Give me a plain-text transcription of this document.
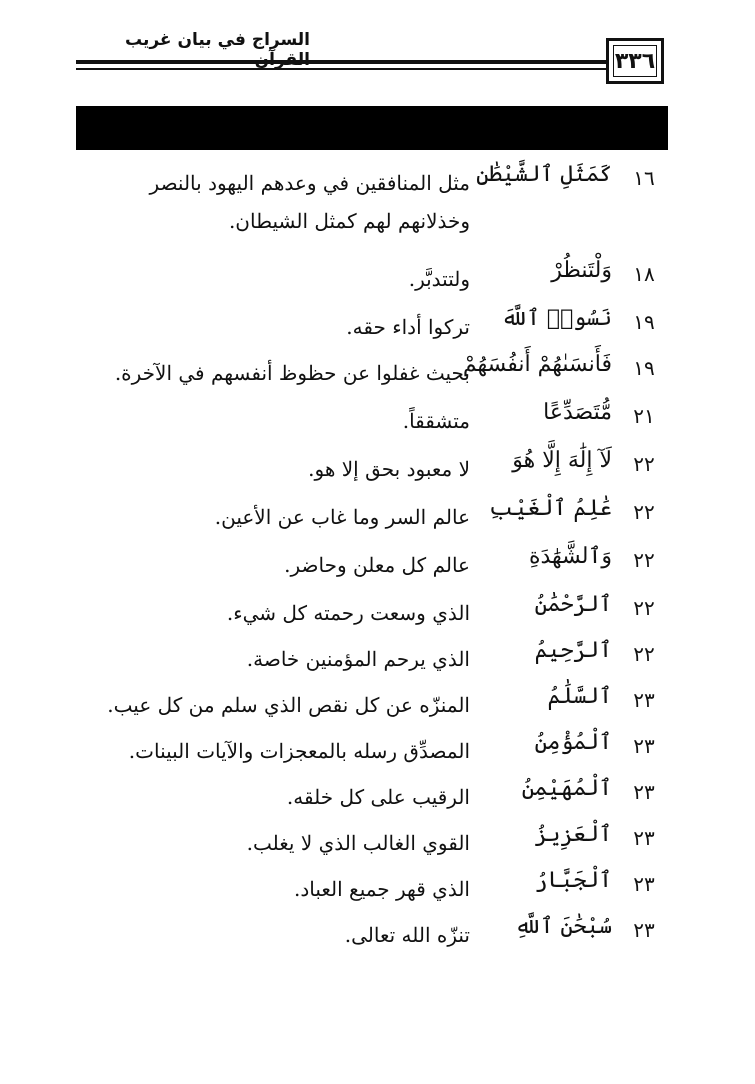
السراج في بيان غريب
٣٣٦
١٦
كَمَثَلِ ٱلشَّيْطَٰنِ
مثل المنافقين في وعدهم اليهود بالنصر وخذلانهم لهم كمثل الشيطان.
١٨
وَلْتَنظُرْ
ولتتدبَّر.
١٩
نَسُوا۟ ٱللَّهَ
تركوا أداء حقه.
١٩
فَأَنسَىٰهُمْ أَنفُسَهُمْ
بحيث غفلوا عن حظوظ أنفسهم في الآخرة.
٢١
مُّتَصَدِّعًا
متشققاً.
٢٢
لَآ إِلَٰهَ إِلَّا هُوَ
لا معبود بحق إلا هو.
٢٢
عَٰلِمُ ٱلْغَيْبِ
عالم السر وما غاب عن الأعين.
٢٢
وَٱلشَّهَٰدَةِ
عالم كل معلن وحاضر.
٢٢
ٱلرَّحْمَٰنُ
الذي وسعت رحمته كل شيء.
٢٢
ٱلرَّحِيمُ
الذي يرحم المؤمنين خاصة.
٢٣
ٱلسَّلَٰمُ
المنزّه عن كل نقص الذي سلم من كل عيب.
٢٣
ٱلْمُؤْمِنُ
المصدِّق رسله بالمعجزات والآيات البينات.
٢٣
ٱلْمُهَيْمِنُ
الرقيب على كل خلقه.
٢٣
ٱلْعَزِيزُ
القوي الغالب الذي لا يغلب.
٢٣
ٱلْجَبَّارُ
الذي قهر جميع العباد.
٢٣
سُبْحَٰنَ ٱللَّهِ
تنزّه الله تعالى.
